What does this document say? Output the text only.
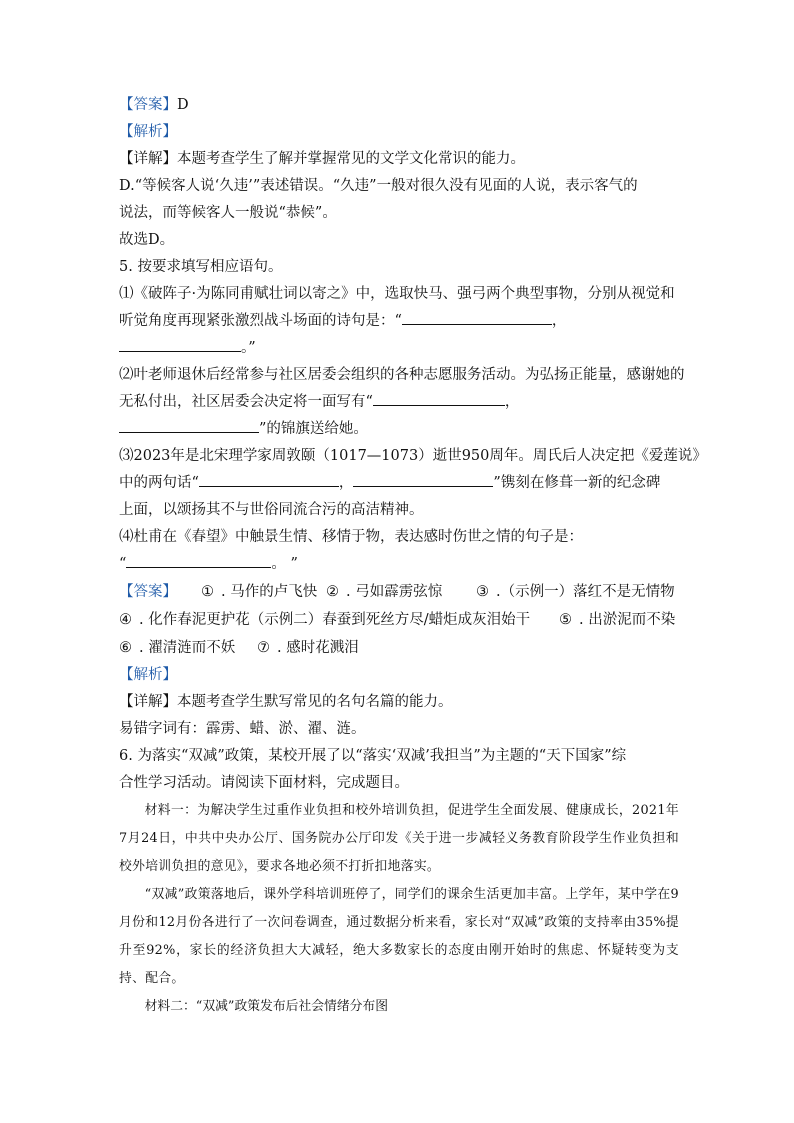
【答案】D
【解析】
【详解】本题考查学生了解并掌握常见的文学文化常识的能力。
D.“等候客人说‘久违’”表述错误。“久违”一般对很久没有见面的人说，表示客气的
说法，而等候客人一般说“恭候”。
故选D。
5. 按要求填写相应语句。
⑴《破阵子·为陈同甫赋壮词以寄之》中，选取快马、强弓两个典型事物，分别从视觉和
听觉角度再现紧张激烈战斗场面的诗句是：“	，
。”
⑵叶老师退休后经常参与社区居委会组织的各种志愿服务活动。为弘扬正能量，感谢她的
无私付出，社区居委会决定将一面写有“	，
”的锦旗送给她。
⑶2023年是北宋理学家周敦颐（1017—1073）逝世950周年。周氏后人决定把《爱莲说》
中的两句话“	，	”镌刻在修葺一新的纪念碑
上面，以颂扬其不与世俗同流合污的高洁精神。
⑷杜甫在《春望》中触景生情、移情于物，表达感时伤世之情的句子是：
“	。 ”
【答案】	① . 马作的卢飞快 ② . 弓如霹雳弦惊	③ .（示例一）落红不是无情物
④ . 化作春泥更护花（示例二）春蚕到死丝方尽/蜡炬成灰泪始干	⑤ . 出淤泥而不染
⑥ . 濯清涟而不妖	⑦ . 感时花溅泪
【解析】
【详解】本题考查学生默写常见的名句名篇的能力。
易错字词有：霹雳、蜡、淤、濯、涟。
6. 为落实“双减”政策，某校开展了以“落实‘双减’我担当”为主题的“天下国家”综
合性学习活动。请阅读下面材料，完成题目。
材料一：为解决学生过重作业负担和校外培训负担，促进学生全面发展、健康成长，2021年7月24日，中共中央办公厅、国务院办公厅印发《关于进一步减轻义务教育阶段学生作业负担和校外培训负担的意见》，要求各地必须不打折扣地落实。
“双减”政策落地后，课外学科培训班停了，同学们的课余生活更加丰富。上学年，某中学在9月份和12月份各进行了一次问卷调查，通过数据分析来看，家长对“双减”政策的支持率由35%提升至92%，家长的经济负担大大减轻，绝大多数家长的态度由刚开始时的焦虑、怀疑转变为支持、配合。
材料二：“双减”政策发布后社会情绪分布图
